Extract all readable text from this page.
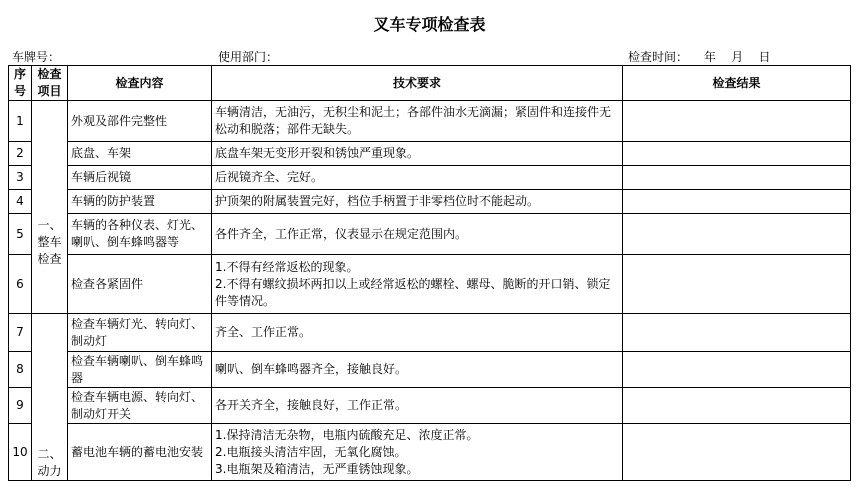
叉车专项检查表
车牌号：	使用部门：	检查时间： 年    月    日
序号	检查项目	检查内容	技术要求	检查结果
1	一、整车检查	外观及部件完整性	车辆清洁，无油污，无积尘和泥土；各部件油水无滴漏；紧固件和连接件无松动和脱落；部件无缺失。	
2		底盘、车架	底盘车架无变形开裂和锈蚀严重现象。	
3		车辆后视镜	后视镜齐全、完好。	
4		车辆的防护装置	护顶架的附属装置完好，档位手柄置于非零档位时不能起动。	
5		车辆的各种仪表、灯光、喇叭、倒车蜂鸣器等	各件齐全，工作正常，仪表显示在规定范围内。	
6		检查各紧固件	1.不得有经常返松的现象。
2.不得有螺纹损坏两扣以上或经常返松的螺栓、螺母、脆断的开口销、锁定件等情况。	
7	二、动力	检查车辆灯光、转向灯、制动灯	齐全、工作正常。	
8		检查车辆喇叭、倒车蜂鸣器	喇叭、倒车蜂鸣器齐全，接触良好。	
9		检查车辆电源、转向灯、制动灯开关	各开关齐全，接触良好，工作正常。	
10		蓄电池车辆的蓄电池安装	1.保持清洁无杂物，电瓶内硫酸充足、浓度正常。
2.电瓶接头清洁牢固，无氧化腐蚀。
3.电瓶架及箱清洁，无严重锈蚀现象。	
